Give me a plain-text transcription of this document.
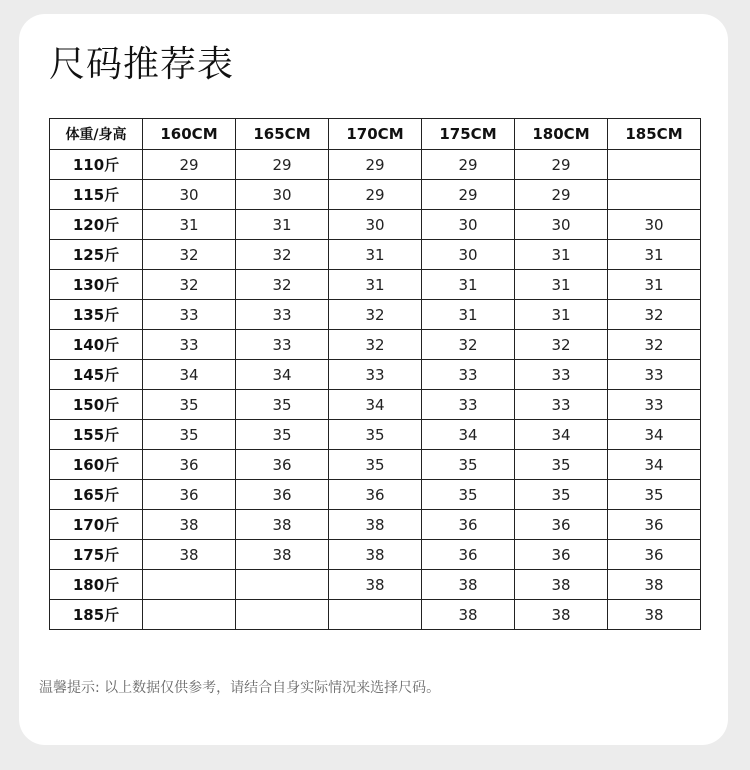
尺码推荐表
体重/身高	160CM	165CM	170CM	175CM	180CM	185CM
110斤	29	29	29	29	29	
115斤	30	30	29	29	29	
120斤	31	31	30	30	30	30
125斤	32	32	31	30	31	31
130斤	32	32	31	31	31	31
135斤	33	33	32	31	31	32
140斤	33	33	32	32	32	32
145斤	34	34	33	33	33	33
150斤	35	35	34	33	33	33
155斤	35	35	35	34	34	34
160斤	36	36	35	35	35	34
165斤	36	36	36	35	35	35
170斤	38	38	38	36	36	36
175斤	38	38	38	36	36	36
180斤			38	38	38	38
185斤				38	38	38

温馨提示: 以上数据仅供参考，请结合自身实际情况来选择尺码。
